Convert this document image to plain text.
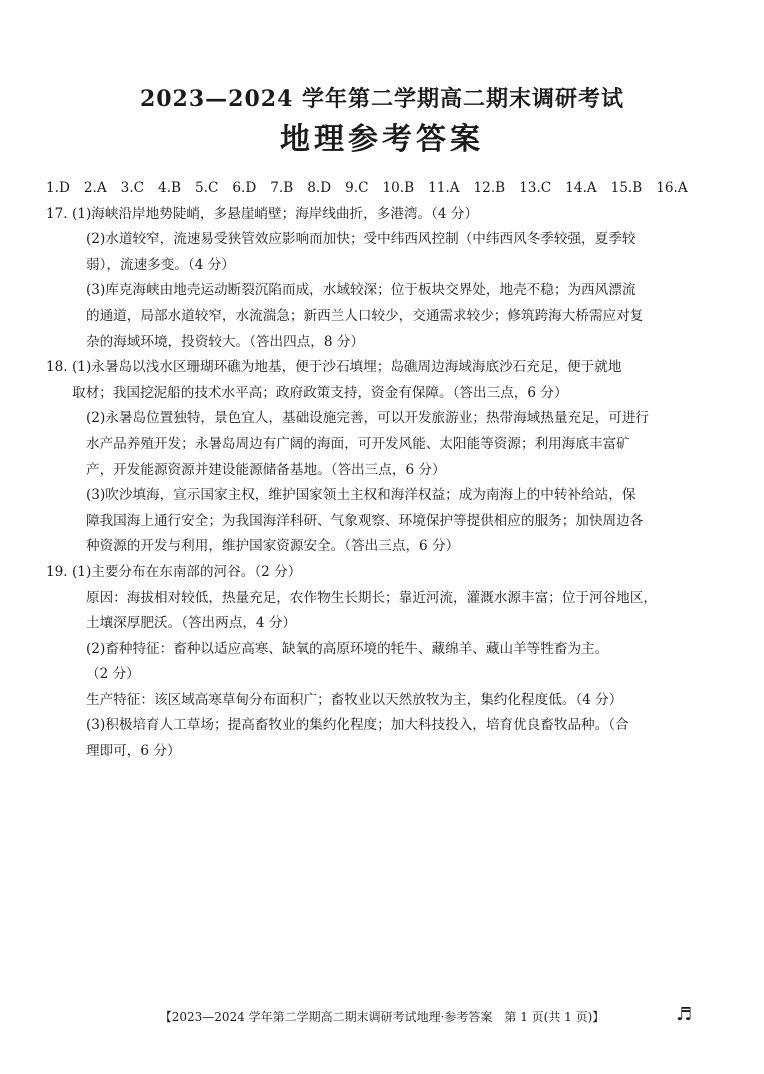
2023—2024 学年第二学期高二期末调研考试
地理参考答案
1.D 2.A 3.C 4.B 5.C 6.D 7.B 8.D 9.C 10.B 11.A 12.B 13.C 14.A 15.B 16.A
17. (1)海峡沿岸地势陡峭，多悬崖峭壁；海岸线曲折，多港湾。（4 分）
(2)水道较窄，流速易受狭管效应影响而加快；受中纬西风控制（中纬西风冬季较强，夏季较
弱），流速多变。（4 分）
(3)库克海峡由地壳运动断裂沉陷而成，水域较深；位于板块交界处，地壳不稳；为西风漂流
的通道，局部水道较窄，水流湍急；新西兰人口较少，交通需求较少；修筑跨海大桥需应对复
杂的海域环境，投资较大。（答出四点，8 分）
18. (1)永暑岛以浅水区珊瑚环礁为地基，便于沙石填埋；岛礁周边海域海底沙石充足，便于就地
取材；我国挖泥船的技术水平高；政府政策支持，资金有保障。（答出三点，6 分）
(2)永暑岛位置独特，景色宜人，基础设施完善，可以开发旅游业；热带海域热量充足，可进行
水产品养殖开发；永暑岛周边有广阔的海面，可开发风能、太阳能等资源；利用海底丰富矿
产，开发能源资源并建设能源储备基地。（答出三点，6 分）
(3)吹沙填海，宣示国家主权，维护国家领土主权和海洋权益；成为南海上的中转补给站，保
障我国海上通行安全；为我国海洋科研、气象观察、环境保护等提供相应的服务；加快周边各
种资源的开发与利用，维护国家资源安全。（答出三点，6 分）
19. (1)主要分布在东南部的河谷。（2 分）
原因：海拔相对较低，热量充足，农作物生长期长；靠近河流，灌溉水源丰富；位于河谷地区，
土壤深厚肥沃。（答出两点，4 分）
(2)畜种特征：畜种以适应高寒、缺氧的高原环境的牦牛、藏绵羊、藏山羊等牲畜为主。
（2 分）
生产特征：该区域高寒草甸分布面积广；畜牧业以天然放牧为主，集约化程度低。（4 分）
(3)积极培育人工草场；提高畜牧业的集约化程度；加大科技投入，培育优良畜牧品种。（合
理即可，6 分）
【2023—2024 学年第二学期高二期末调研考试地理·参考答案　第 1 页(共 1 页)】	♬
